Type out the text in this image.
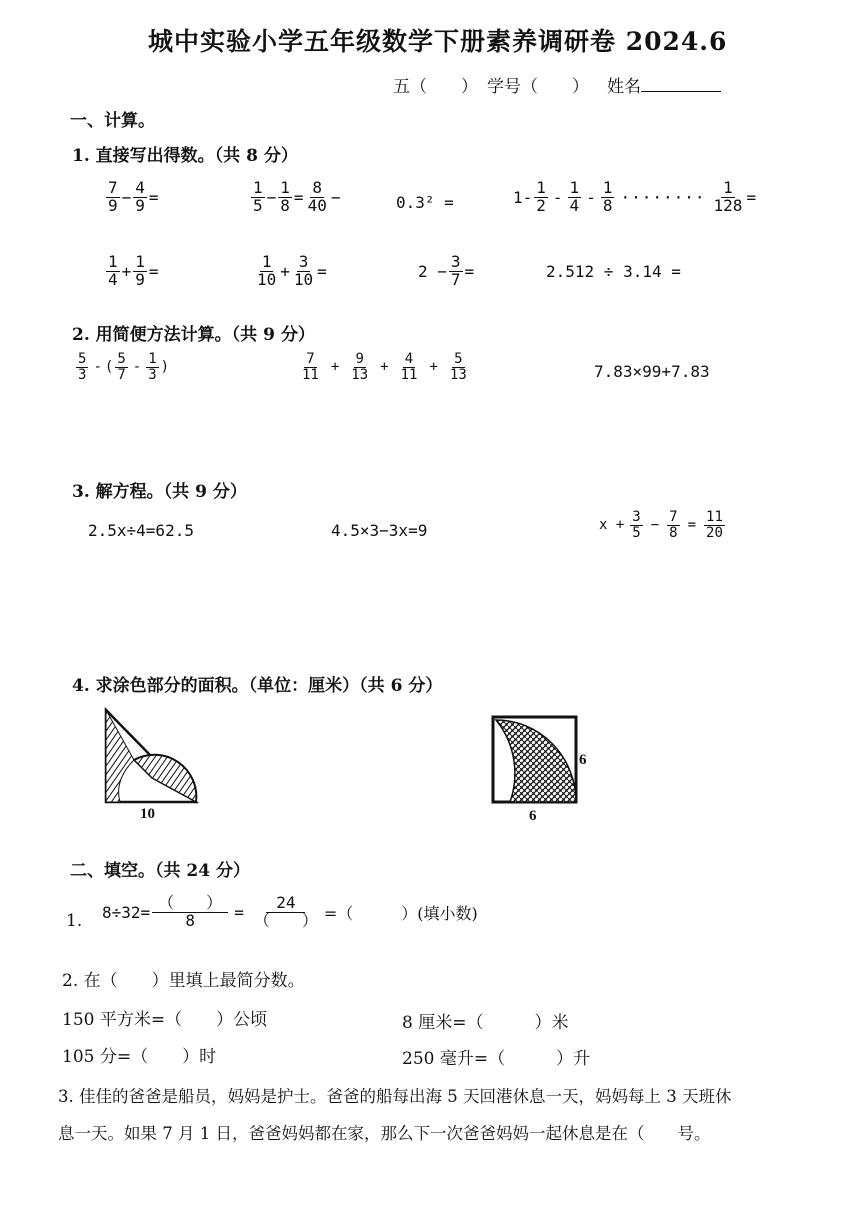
城中实验小学五年级数学下册素养调研卷 2024.6
五（　　） 学号（　　） 姓名
一、计算。
1. 直接写出得数。（共 8 分）
$\frac{7}{9} - \frac{4}{9}$ =	$\frac{1}{5} - \frac{1}{8} = \frac{8}{40}$ −	0.3² =	$1- \frac{1}{2} - \frac{1}{4} - \frac{1}{8}$ ········ $\frac{1}{128}$ =
$\frac{1}{4} + \frac{1}{9}$ =	$\frac{1}{10} + \frac{3}{10}$ =	$2 - \frac{3}{7}$ =	2.512 ÷ 3.14 =
2. 用简便方法计算。（共 9 分）
$\frac{5}{3}$ - ( $\frac{5}{7} - \frac{1}{3}$ )	$\frac{7}{11} + \frac{9}{13} + \frac{4}{11} + \frac{5}{13}$	7.83×99+7.83
3. 解方程。（共 9 分）
2.5x÷4=62.5	4.5×3−3x=9	$x + \frac{3}{5} - \frac{7}{8} = \frac{11}{20}$
4. 求涂色部分的面积。（单位：厘米）（共 6 分）
10
6
6
二、填空。（共 24 分）
1. $8\div 32= \frac{( )}{8} = \frac{24}{( )}$ =（　　　）(填小数)
2. 在（　　）里填上最简分数。
150 平方米=（　　）公顷	8 厘米=（　　　）米
105 分=（　　）时	250 毫升=（　　　）升
3. 佳佳的爸爸是船员，妈妈是护士。爸爸的船每出海 5 天回港休息一天，妈妈每上 3 天班休
息一天。如果 7 月 1 日，爸爸妈妈都在家，那么下一次爸爸妈妈一起休息是在（　　号。
